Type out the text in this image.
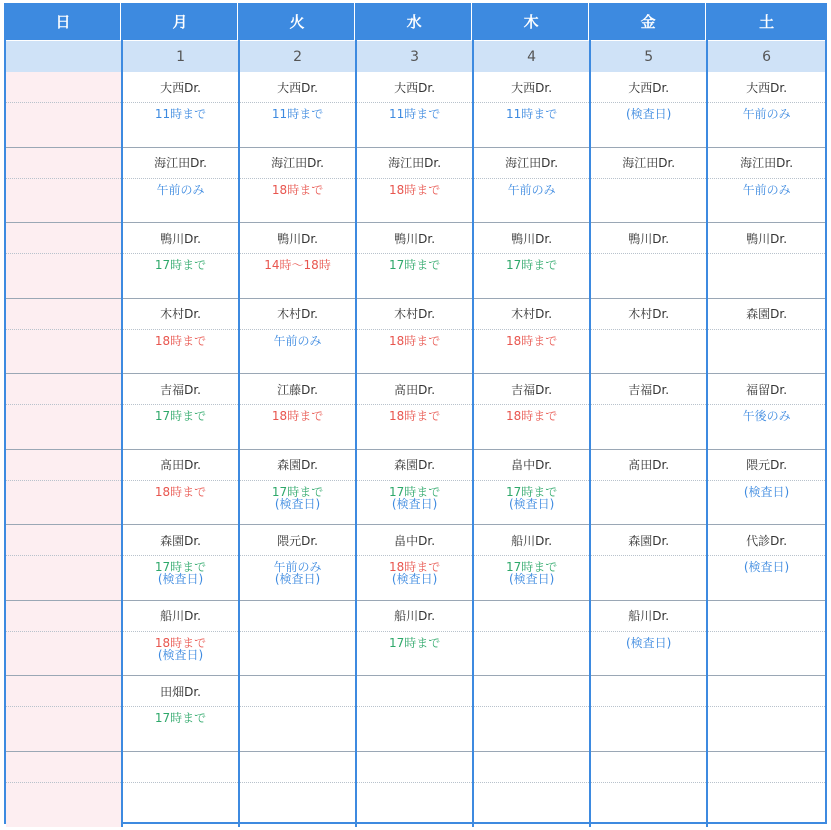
日	月
1
大西Dr.
11時まで
海江田Dr.
午前のみ
鴨川Dr.
17時まで
木村Dr.
18時まで
吉福Dr.
17時まで
髙田Dr.
18時まで
森園Dr.
17時まで
(検査日)
船川Dr.
18時まで
(検査日)
田畑Dr.
17時まで
火
2
大西Dr.
11時まで
海江田Dr.
18時まで
鴨川Dr.
14時〜18時
木村Dr.
午前のみ
江藤Dr.
18時まで
森園Dr.
17時まで
(検査日)
隈元Dr.
午前のみ
(検査日)
水
3
大西Dr.
11時まで
海江田Dr.
18時まで
鴨川Dr.
17時まで
木村Dr.
18時まで
髙田Dr.
18時まで
森園Dr.
17時まで
(検査日)
畠中Dr.
18時まで
(検査日)
船川Dr.
17時まで
木
4
大西Dr.
11時まで
海江田Dr.
午前のみ
鴨川Dr.
17時まで
木村Dr.
18時まで
吉福Dr.
18時まで
畠中Dr.
17時まで
(検査日)
船川Dr.
17時まで
(検査日)
金
5
大西Dr.
(検査日)
海江田Dr.
鴨川Dr.
木村Dr.
吉福Dr.
髙田Dr.
森園Dr.
船川Dr.
(検査日)
土
6
大西Dr.
午前のみ
海江田Dr.
午前のみ
鴨川Dr.
森園Dr.
福留Dr.
午後のみ
隈元Dr.
(検査日)
代診Dr.
(検査日)
